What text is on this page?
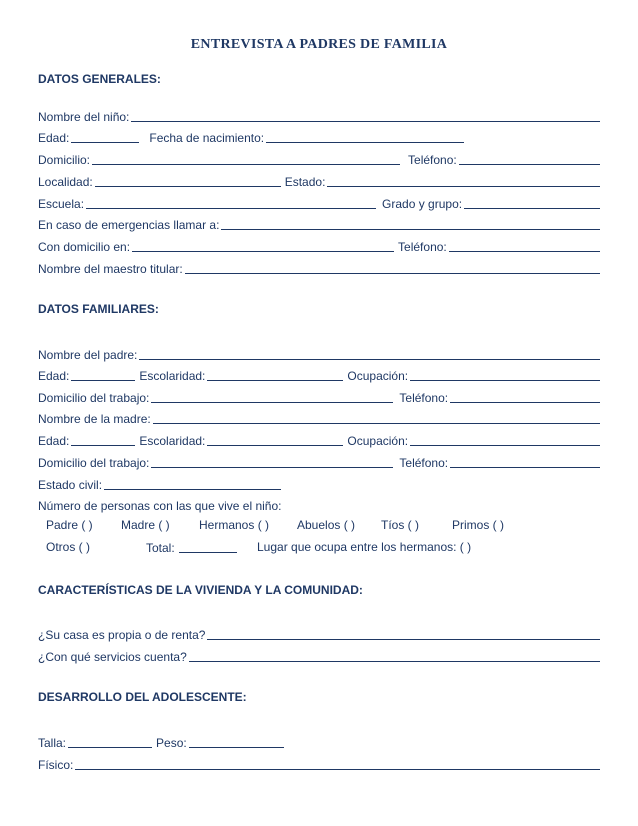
ENTREVISTA A PADRES DE FAMILIA
DATOS GENERALES:
Nombre del niño:
Edad:	Fecha de nacimiento:
Domicilio:	Teléfono:
Localidad:	Estado:
Escuela:	Grado y grupo:
En caso de emergencias llamar a:
Con domicilio en:	Teléfono:
Nombre del maestro titular:
DATOS FAMILIARES:
Nombre del padre:
Edad:	Escolaridad:	Ocupación:
Domicilio del trabajo:	Teléfono:
Nombre de la madre:
Edad:	Escolaridad:	Ocupación:
Domicilio del trabajo:	Teléfono:
Estado civil:
Número de personas con las que vive el niño:
Padre ( ) Madre ( ) Hermanos ( ) Abuelos ( ) Tíos ( )	Primos ( )
Otros ( )	Total:	Lugar que ocupa entre los hermanos: ( )
CARACTERÍSTICAS DE LA VIVIENDA Y LA COMUNIDAD:
¿Su casa es propia o de renta?
¿Con qué servicios cuenta?
DESARROLLO DEL ADOLESCENTE:
Talla:	Peso:
Físico:
